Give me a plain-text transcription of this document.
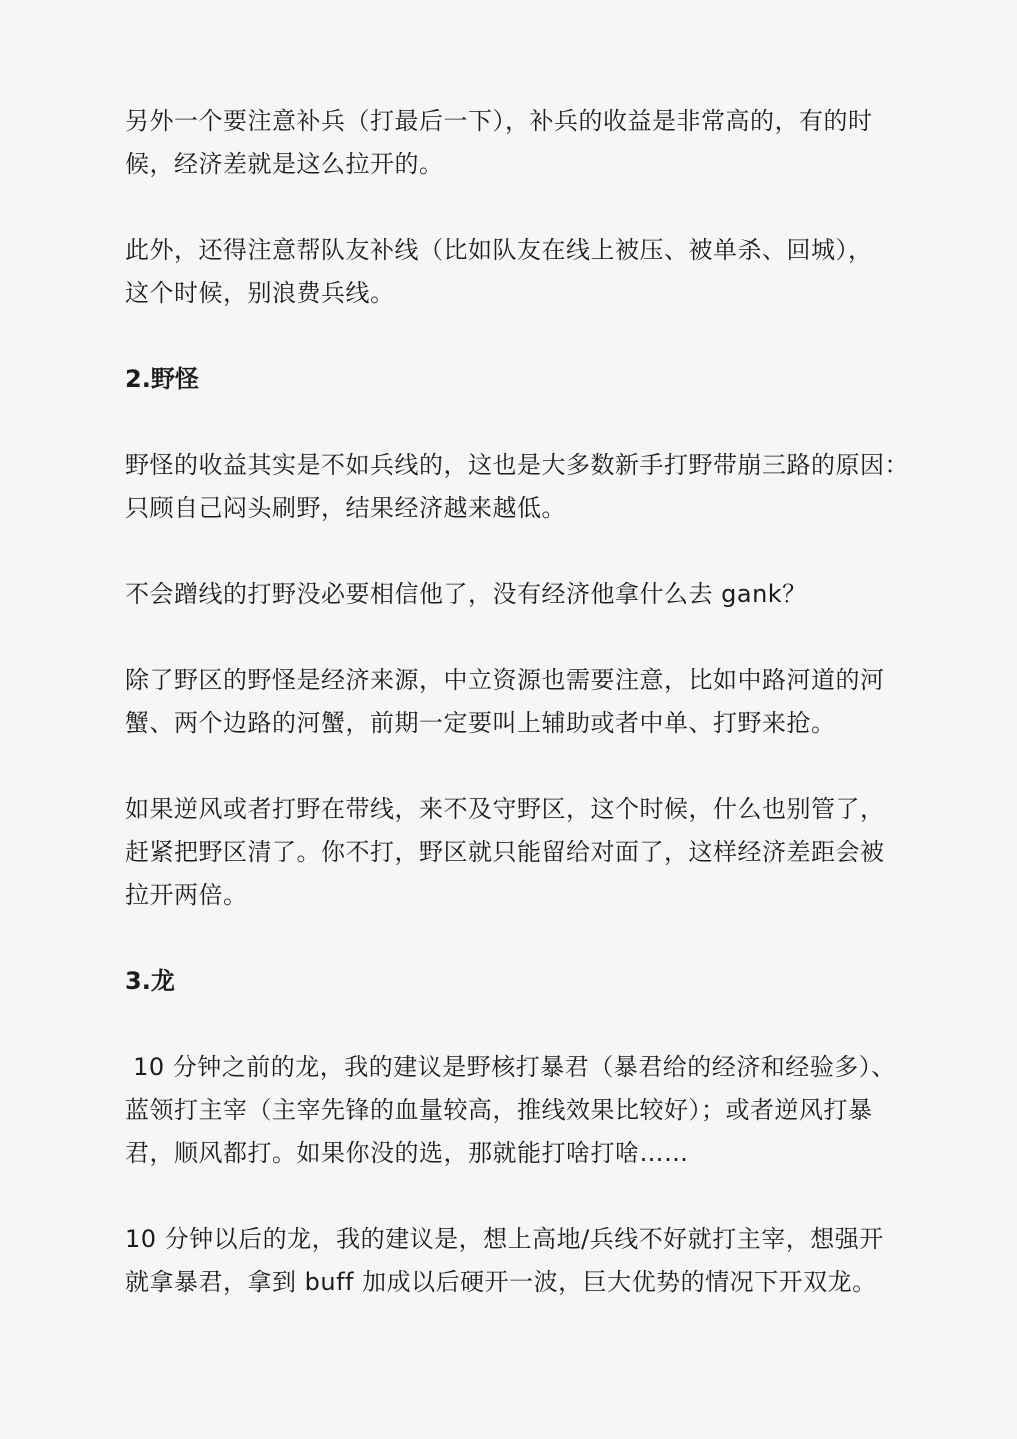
另外一个要注意补兵（打最后一下），补兵的收益是非常高的，有的时

候，经济差就是这么拉开的。

此外，还得注意帮队友补线（比如队友在线上被压、被单杀、回城），

这个时候，别浪费兵线。

2.野怪

野怪的收益其实是不如兵线的，这也是大多数新手打野带崩三路的原因：

只顾自己闷头刷野，结果经济越来越低。

不会蹭线的打野没必要相信他了，没有经济他拿什么去 gank？

除了野区的野怪是经济来源，中立资源也需要注意，比如中路河道的河

蟹、两个边路的河蟹，前期一定要叫上辅助或者中单、打野来抢。

如果逆风或者打野在带线，来不及守野区，这个时候，什么也别管了，

赶紧把野区清了。你不打，野区就只能留给对面了，这样经济差距会被

拉开两倍。

3.龙

10 分钟之前的龙，我的建议是野核打暴君（暴君给的经济和经验多）、

蓝领打主宰（主宰先锋的血量较高，推线效果比较好）；或者逆风打暴

君，顺风都打。如果你没的选，那就能打啥打啥……

10 分钟以后的龙，我的建议是，想上高地/兵线不好就打主宰，想强开

就拿暴君，拿到 buff 加成以后硬开一波，巨大优势的情况下开双龙。
